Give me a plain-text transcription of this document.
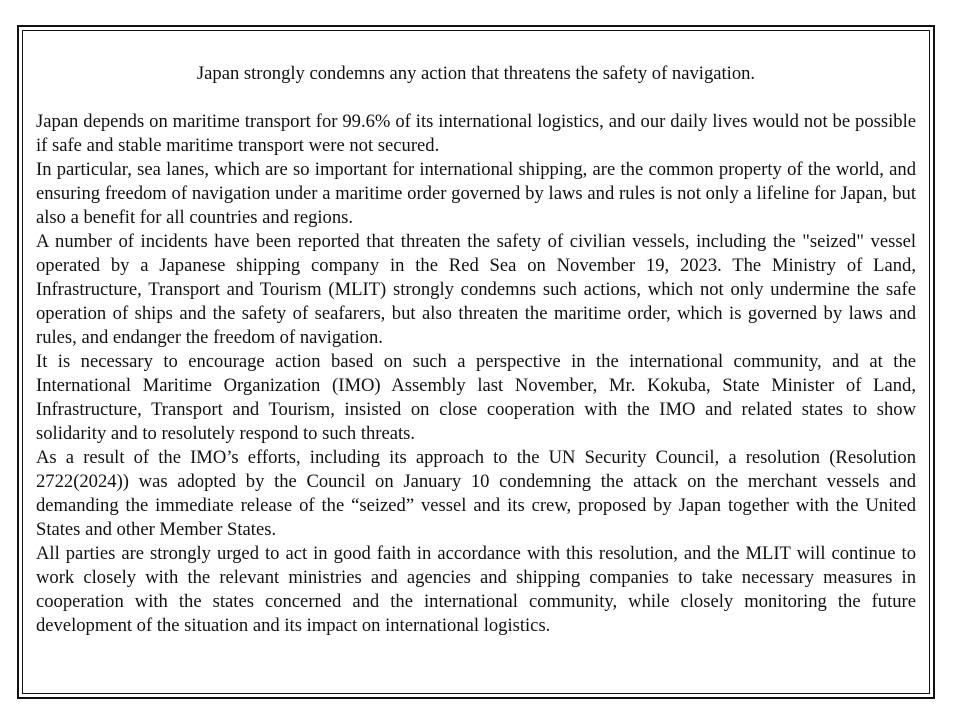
Japan strongly condemns any action that threatens the safety of navigation.

Japan depends on maritime transport for 99.6% of its international logistics, and our daily lives would not be possible if safe and stable maritime transport were not secured.

In particular, sea lanes, which are so important for international shipping, are the common property of the world, and ensuring freedom of navigation under a maritime order governed by laws and rules is not only a lifeline for Japan, but also a benefit for all countries and regions.

A number of incidents have been reported that threaten the safety of civilian vessels, including the "seized" vessel operated by a Japanese shipping company in the Red Sea on November 19, 2023. The Ministry of Land, Infrastructure, Transport and Tourism (MLIT) strongly condemns such actions, which not only undermine the safe operation of ships and the safety of seafarers, but also threaten the maritime order, which is governed by laws and rules, and endanger the freedom of navigation.

It is necessary to encourage action based on such a perspective in the international community, and at the International Maritime Organization (IMO) Assembly last November, Mr. Kokuba, State Minister of Land, Infrastructure, Transport and Tourism, insisted on close cooperation with the IMO and related states to show solidarity and to resolutely respond to such threats.

As a result of the IMO’s efforts, including its approach to the UN Security Council, a resolution (Resolution 2722(2024)) was adopted by the Council on January 10 condemning the attack on the merchant vessels and demanding the immediate release of the “seized” vessel and its crew, proposed by Japan together with the United States and other Member States.

All parties are strongly urged to act in good faith in accordance with this resolution, and the MLIT will continue to work closely with the relevant ministries and agencies and shipping companies to take necessary measures in cooperation with the states concerned and the international community, while closely monitoring the future development of the situation and its impact on international logistics.
